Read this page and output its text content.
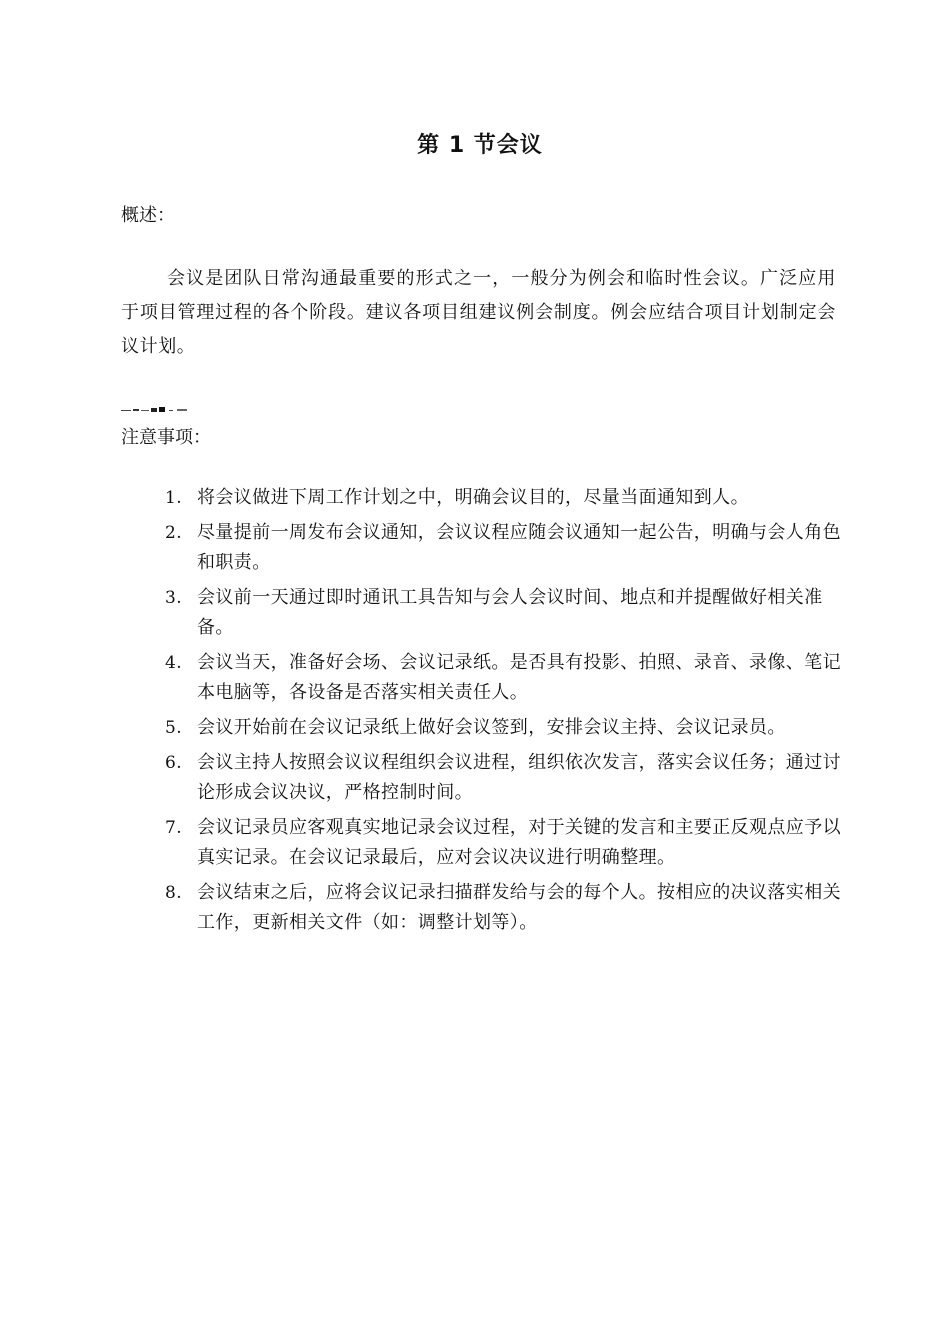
第 1 节会议
概述：
会议是团队日常沟通最重要的形式之一，一般分为例会和临时性会议。广泛应用于项目管理过程的各个阶段。建议各项目组建议例会制度。例会应结合项目计划制定会议计划。
注意事项：
1. 将会议做进下周工作计划之中，明确会议目的，尽量当面通知到人。
2. 尽量提前一周发布会议通知，会议议程应随会议通知一起公告，明确与会人角色和职责。
3. 会议前一天通过即时通讯工具告知与会人会议时间、地点和并提醒做好相关准备。
4. 会议当天，准备好会场、会议记录纸。是否具有投影、拍照、录音、录像、笔记本电脑等，各设备是否落实相关责任人。
5. 会议开始前在会议记录纸上做好会议签到，安排会议主持、会议记录员。
6. 会议主持人按照会议议程组织会议进程，组织依次发言，落实会议任务；通过讨论形成会议决议，严格控制时间。
7. 会议记录员应客观真实地记录会议过程，对于关键的发言和主要正反观点应予以真实记录。在会议记录最后，应对会议决议进行明确整理。
8. 会议结束之后，应将会议记录扫描群发给与会的每个人。按相应的决议落实相关工作，更新相关文件（如：调整计划等）。
